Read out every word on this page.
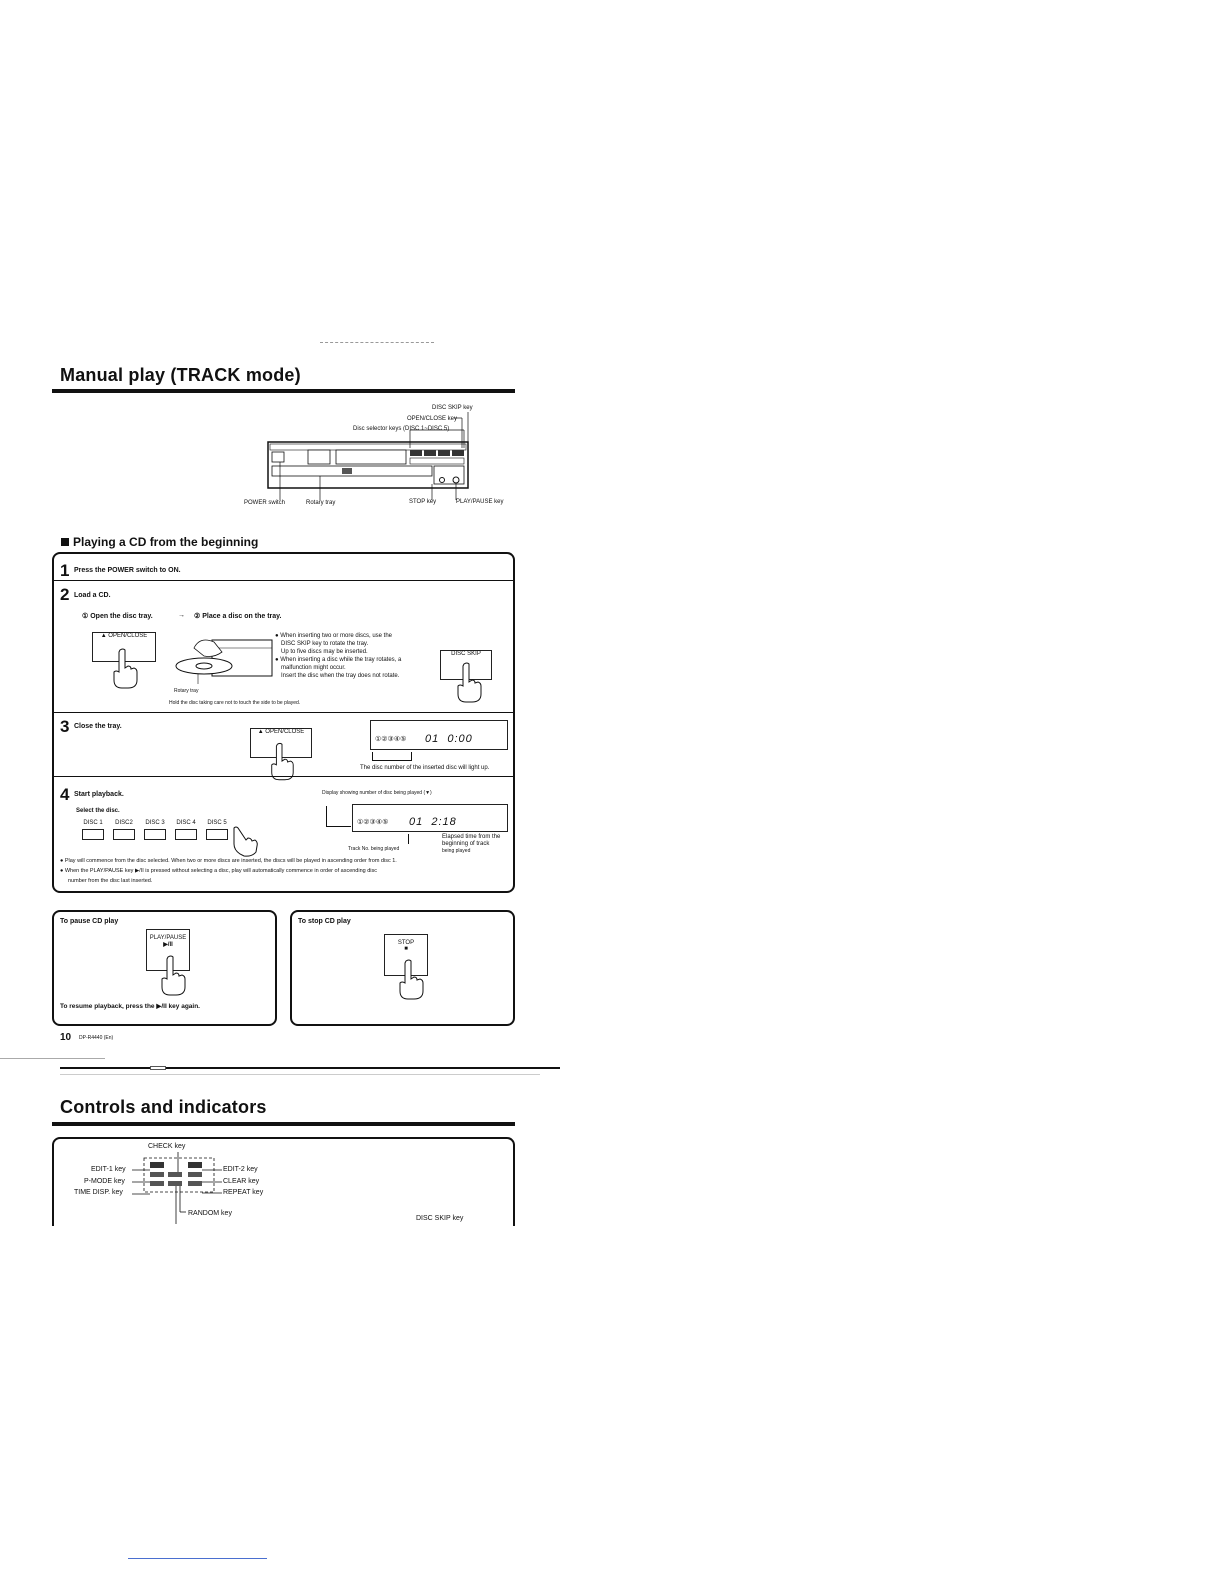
Manual play (TRACK mode)
DISC SKIP key
OPEN/CLOSE key
Disc selector keys (DISC 1~DISC 5)
POWER switch	Rotary tray	STOP key	PLAY/PAUSE key
Playing a CD from the beginning
1 Press the POWER switch to ON.
2 Load a CD.
① Open the disc tray.	→ ② Place a disc on the tray.
▲ OPEN/CLOSE
Rotary tray
● When inserting two or more discs, use the
DISC SKIP key to rotate the tray.
Up to five discs may be inserted.
● When inserting a disc while the tray rotates, a
malfunction might occur.
Insert the disc when the tray does not rotate.
DISC SKIP
Hold the disc taking care not to touch the side to be played.
3 Close the tray.
▲ OPEN/CLOSE
①②③④⑤ 01  0:00
The disc number of the inserted disc will light up.
4 Start playback.
Select the disc.
DISC 1	DISC2	DISC 3	DISC 4	DISC 5
Display showing number of disc being played (▼)
①②③④⑤ 01  2:18
Track No. being played
Elapsed time from the
beginning of track
being played
● Play will commence from the disc selected. When two or more discs are inserted, the discs will be played in ascending order from disc 1.
● When the PLAY/PAUSE key ▶/II is pressed without selecting a disc, play will automatically commence in order of ascending disc
number from the disc last inserted.
To pause CD play
PLAY/PAUSE
▶/II
To resume playback, press the ▶/II key again.
To stop CD play
STOP
■
10 DP-R4440 (En)
Controls and indicators
CHECK key
EDIT-1 key
P-MODE key
TIME DISP. key
EDIT-2 key
CLEAR key
REPEAT key
RANDOM key
DISC SKIP key
